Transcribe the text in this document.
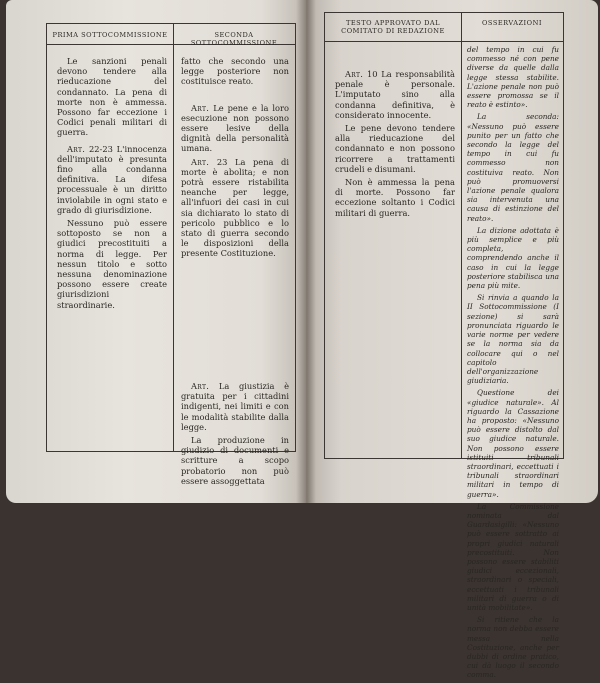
PRIMA SOTTOCOMMISSIONE	SECONDA SOTTOCOMMISSIONE

Le sanzioni penali devono tendere alla rieducazione del condannato. La pena di morte non è ammessa. Possono far eccezione i Codici penali militari di guerra.

Art. 22-23 L'innocenza dell'imputato è presunta fino alla condanna definitiva. La difesa processuale è un diritto inviolabile in ogni stato e grado di giurisdizione.

Nessuno può essere sottoposto se non a giudici precostituiti a norma di legge. Per nessun titolo e sotto nessuna denominazione possono essere create giurisdizioni straordinarie.

fatto che secondo una legge posteriore non costituisce reato.

Art. Le pene e la loro esecuzione non possono essere lesive della dignità della personalità umana.

Art. 23 La pena di morte è abolita; e non potrà essere ristabilita neanche per legge, all'infuori dei casi in cui sia dichiarato lo stato di pericolo pubblico e lo stato di guerra secondo le disposizioni della presente Costituzione.

Art. La giustizia è gratuita per i cittadini indigenti, nei limiti e con le modalità stabilite dalla legge.

La produzione in giudizio di documenti e scritture a scopo probatorio non può essere assoggettata

TESTO APPROVATO DAL COMITATO DI REDAZIONE
OSSERVAZIONI

Art. 10 La responsabilità penale è personale. L'imputato sino alla condanna definitiva, è considerato innocente.

Le pene devono tendere alla rieducazione del condannato e non possono ricorrere a trattamenti crudeli e disumani.

Non è ammessa la pena di morte. Possono far eccezione soltanto i Codici militari di guerra.

del tempo in cui fu commesso né con pene diverse da quelle dalla legge stessa stabilite. L'azione penale non può essere promossa se il reato è estinto».

La seconda: «Nessuno può essere punito per un fatto che secondo la legge del tempo in cui fu commesso non costituiva reato. Non può promuoversi l'azione penale qualora sia intervenuta una causa di estinzione del reato».

La dizione adottata è più semplice e più completa, comprendendo anche il caso in cui la legge posteriore stabilisca una pena più mite.

Si rinvia a quando la II Sottocommissione (I sezione) si sarà pronunciata riguardo le varie norme per vedere se la norma sia da collocare qui o nel capitolo dell'organizzazione giudiziaria.

Questione dei «giudice naturale». Al riguardo la Cassazione ha proposto: «Nessuno può essere distolto dal suo giudice naturale. Non possono essere istituiti tribunali straordinari, eccettuati i tribunali straordinari militari in tempo di guerra».

La Commissione nominata dal Guardasigilli: «Nessuno può essere sottratto ai propri giudici naturali precostituiti. Non possono essere stabiliti giudici eccezionali, straordinari o speciali, eccettuati i tribunali militari di guerra o di unità mobilitate».

Si ritiene che la norma non debba essere messa nella Costituzione, anche per dubbi di ordine pratico, cui dà luogo il secondo comma.
